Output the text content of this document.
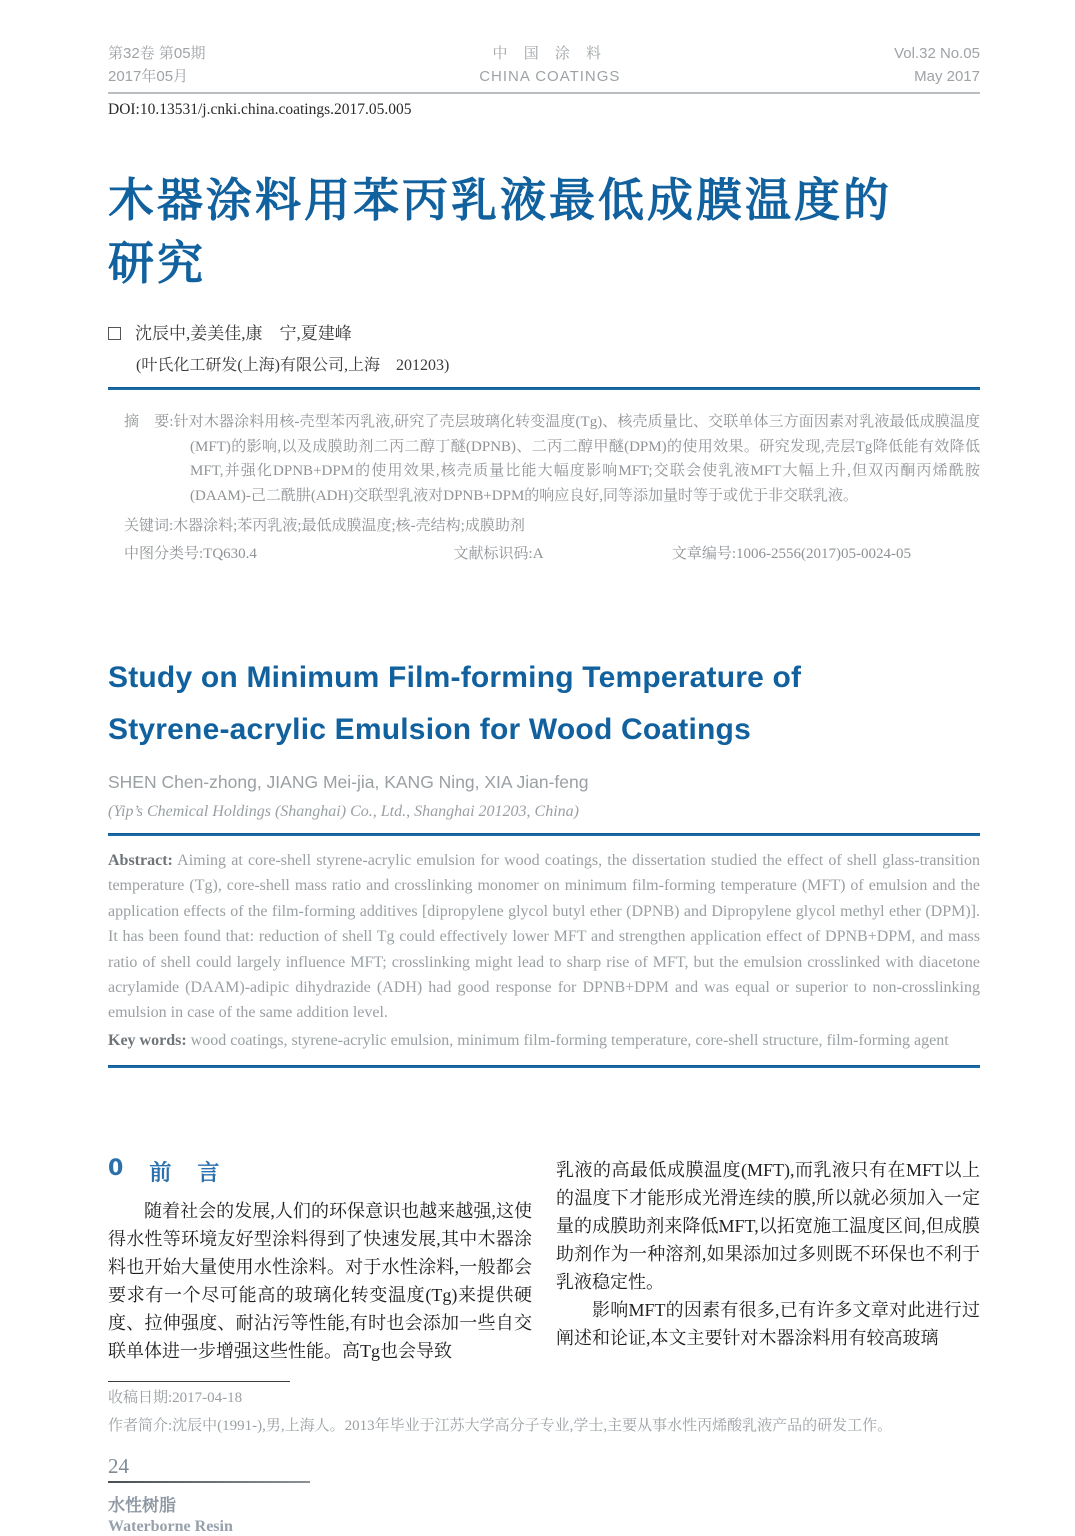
第32卷 第05期
2017年05月
中 国 涂 料
CHINA COATINGS
Vol.32 No.05
May 2017
DOI:10.13531/j.cnki.china.coatings.2017.05.005
木器涂料用苯丙乳液最低成膜温度的
研究
沈辰中,姜美佳,康　宁,夏建峰
(叶氏化工研发(上海)有限公司,上海　201203)

摘　要:针对木器涂料用核-壳型苯丙乳液,研究了壳层玻璃化转变温度(Tg)、核壳质量比、交联单体三方面因素对乳液最低成膜温度(MFT)的影响,以及成膜助剂二丙二醇丁醚(DPNB)、二丙二醇甲醚(DPM)的使用效果。研究发现,壳层Tg降低能有效降低MFT,并强化DPNB+DPM的使用效果,核壳质量比能大幅度影响MFT;交联会使乳液MFT大幅上升,但双丙酮丙烯酰胺(DAAM)-己二酰肼(ADH)交联型乳液对DPNB+DPM的响应良好,同等添加量时等于或优于非交联乳液。

关键词:木器涂料;苯丙乳液;最低成膜温度;核-壳结构;成膜助剂
中图分类号:TQ630.4	文献标识码:A	文章编号:1006-2556(2017)05-0024-05
Study on Minimum Film-forming Temperature of
Styrene-acrylic Emulsion for Wood Coatings
SHEN Chen-zhong, JIANG Mei-jia, KANG Ning, XIA Jian-feng
(Yip’s Chemical Holdings (Shanghai) Co., Ltd., Shanghai 201203, China)

Abstract: Aiming at core-shell styrene-acrylic emulsion for wood coatings, the dissertation studied the effect of shell glass-transition temperature (Tg), core-shell mass ratio and crosslinking monomer on minimum film-forming temperature (MFT) of emulsion and the application effects of the film-forming additives [dipropylene glycol butyl ether (DPNB) and Dipropylene glycol methyl ether (DPM)]. It has been found that: reduction of shell Tg could effectively lower MFT and strengthen application effect of DPNB+DPM, and mass ratio of shell could largely influence MFT; crosslinking might lead to sharp rise of MFT, but the emulsion crosslinked with diacetone acrylamide (DAAM)-adipic dihydrazide (ADH) had good response for DPNB+DPM and was equal or superior to non-crosslinking emulsion in case of the same addition level.

Key words: wood coatings, styrene-acrylic emulsion, minimum film-forming temperature, core-shell structure, film-forming agent

0 前　言

随着社会的发展,人们的环保意识也越来越强,这使得水性等环境友好型涂料得到了快速发展,其中木器涂料也开始大量使用水性涂料。对于水性涂料,一般都会要求有一个尽可能高的玻璃化转变温度(Tg)来提供硬度、拉伸强度、耐沾污等性能,有时也会添加一些自交联单体进一步增强这些性能。高Tg也会导致

收稿日期:2017-04-18

乳液的高最低成膜温度(MFT),而乳液只有在MFT以上的温度下才能形成光滑连续的膜,所以就必须加入一定量的成膜助剂来降低MFT,以拓宽施工温度区间,但成膜助剂作为一种溶剂,如果添加过多则既不环保也不利于乳液稳定性。

影响MFT的因素有很多,已有许多文章对此进行过阐述和论证,本文主要针对木器涂料用有较高玻璃

作者简介:沈辰中(1991-),男,上海人。2013年毕业于江苏大学高分子专业,学士,主要从事水性丙烯酸乳液产品的研发工作。
24
水性树脂
Waterborne Resin
